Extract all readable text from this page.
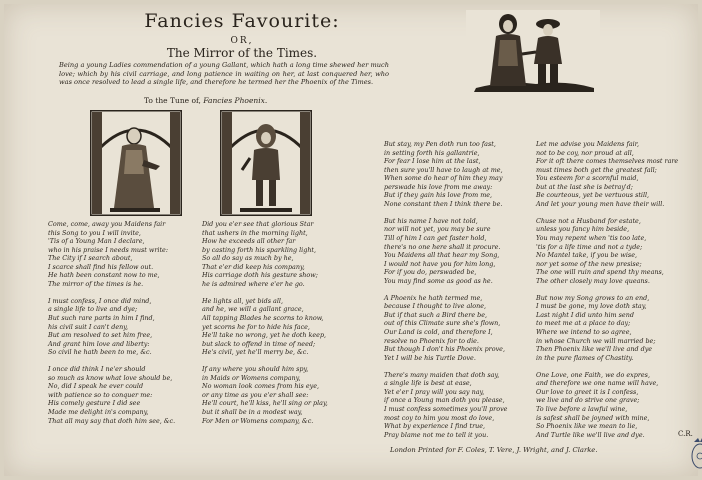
Fancies Favourite:
OR,
The Mirror of the Times.
Being a young Ladies commendation of a young Gallant, which hath a long time shewed her much love; which by his civil carriage, and long patience in waiting on her, at last conquered her, who was once resolved to lead a single life, and therefore he termed her the Phoenix of the Times.
To the Tune of, Fancies Phoenix.
Come, come, away you Maidens fair
this Song to you I will invite,
'Tis of a Young Man I declare,
who in his praise I needs must write:
The City if I search about,
I scarce shall find his fellow out.
He hath been constant now to me,
The mirror of the times is he.

I must confess, I once did mind,
a single life to live and dye;
But such rare parts in him I find,
his civil suit I can't deny,
But am resolved to set him free,
And grant him love and liberty:
So civil he hath been to me, &c.

I once did think I ne'er should
so much as know what love should be,
No, did I speak he ever could
with patience so to conquer me:
His comely gesture I did see
Made me delight in's company,
That all may say that doth him see, &c.
Did you e'er see that glorious Star
that ushers in the morning light,
How he exceeds all other far
by casting forth his sparkling light,
So all do say as much by he,
That e'er did keep his company,
His carriage doth his gesture show;
he is admired where e'er he go.

He lights all, yet bids all,
and he, we will a gallant grace,
All tapping Blades he scorns to know,
yet scorns he for to hide his face,
He'll take no wrong, yet he doth keep,
but slack to offend in time of need;
He's civil, yet he'll merry be, &c.

If any where you should him spy,
in Maids or Womens company,
No woman look comes from his eye,
or any time as you e'er shall see:
He'll court, he'll kiss, he'll sing or play,
but it shall be in a modest way,
For Men or Womens company, &c.
But stay, my Pen doth run too fast,
in setting forth his gallantrie,
For fear I lose him at the last,
then sure you'll have to laugh at me,
When some do hear of him they may
perswade his love from me away:
But if they gain his love from me,
None constant then I think there be.

But his name I have not told,
nor will not yet, you may be sure
Till of him I can get faster hold,
there's no one here shall it procure.
You Maidens all that hear my Song,
I would not have you for him long,
For if you do, perswaded be,
You may find some as good as he.

A Phoenix he hath termed me,
because I thought to live alone,
But if that such a Bird there be,
out of this Climate sure she's flown,
Our Land is cold, and therefore I,
resolve no Phoenix for to die.
But though I don't his Phoenix prove,
Yet I will be his Turtle Dove.

There's many maiden that doth say,
a single life is best at ease,
Yet e'er I pray will you say nay,
if once a Young man doth you please,
I must confess sometimes you'll prove
most coy to him you most do love,
What by experience I find true,
Pray blame not me to tell it you.
Let me advise you Maidens fair,
not to be coy, nor proud at all,
For it oft there comes themselves most rare
must times both get the greatest fall;
You esteem for a scornful maid,
but at the last she is betray'd;
Be courteous, yet be vertuous still,
And let your young men have their will.

Chuse not a Husband for estate,
unless you fancy him beside,
You may repent when 'tis too late,
'tis for a life time and not a tyde;
No Mantel take, if you be wise,
nor yet some of the new presise;
The one will ruin and spend thy means,
The other closely may love queans.

But now my Song grows to an end,
I must be gone, my love doth stay,
Last night I did unto him send
to meet me at a place to day;
Where we intend to so agree,
in whose Church we will married be;
Then Phoenix like we'll live and dye
in the pure flames of Chastity.

One Love, one Faith, we do expres,
and therefore we one name will have,
Our love to greet it is I confess,
we live and do strive one grave;
To live before a lawful wine,
is safest shall be joyned with mine,
So Phoenix like we mean to lie,
And Turtle like we'll live and dye.
London Printed for F. Coles, T. Vere, J. Wright, and J. Clarke.
C.R.
